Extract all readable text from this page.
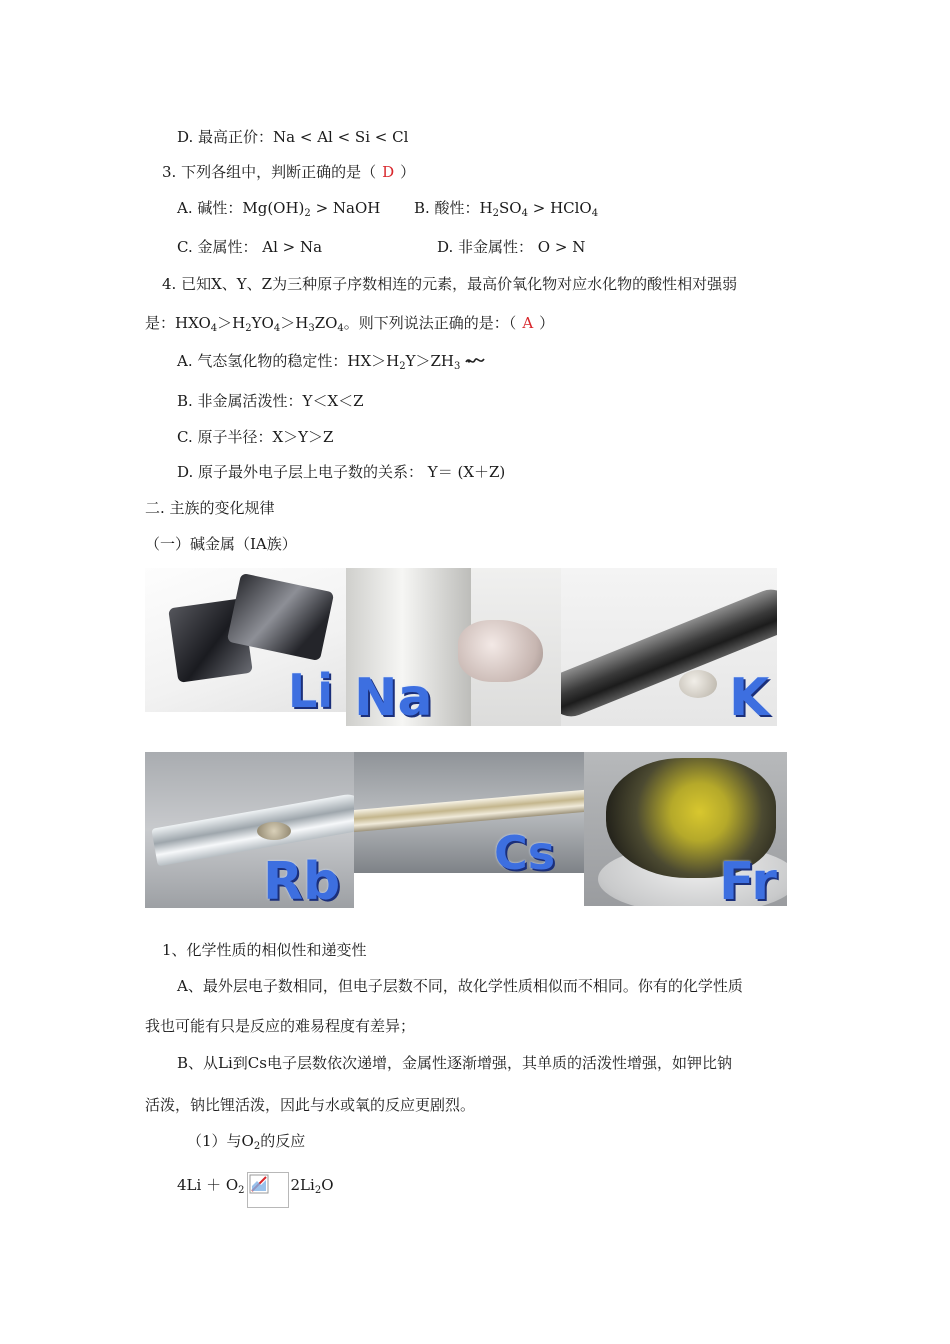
D. 最高正价：Na < Al < Si < Cl
3. 下列各组中，判断正确的是（ D ）
A. 碱性：$Mg(OH)_2$ > NaOH B. 酸性：$H_2SO_4$ > HClO$_4$
C. 金属性： Al > Na	D. 非金属性： O > N
4. 已知X、Y、Z为三种原子序数相连的元素，最高价氧化物对应水化物的酸性相对强弱
是：$HXO_4>H_2YO_4>H_3ZO_4$。则下列说法正确的是：（ A ）
A. 气态氢化物的稳定性：$HX>H_2Y>ZH_3$
B. 非金属活泼性：Y＜X＜Z
C. 原子半径：X＞Y＞Z
D. 原子最外电子层上电子数的关系： Y＝ (X＋Z)
二. 主族的变化规律
（一）碱金属（IA族）
Li Na	K
Rb	Cs	Fr
1、化学性质的相似性和递变性
A、最外层电子数相同，但电子层数不同，故化学性质相似而不相同。你有的化学性质
我也可能有只是反应的难易程度有差异；
B、从Li到Cs电子层数依次递增，金属性逐渐增强，其单质的活泼性增强，如钾比钠
活泼，钠比锂活泼，因此与水或氧的反应更剧烈。
（1）与$O_2$的反应
$4Li + O_2$	$2Li_2O$
